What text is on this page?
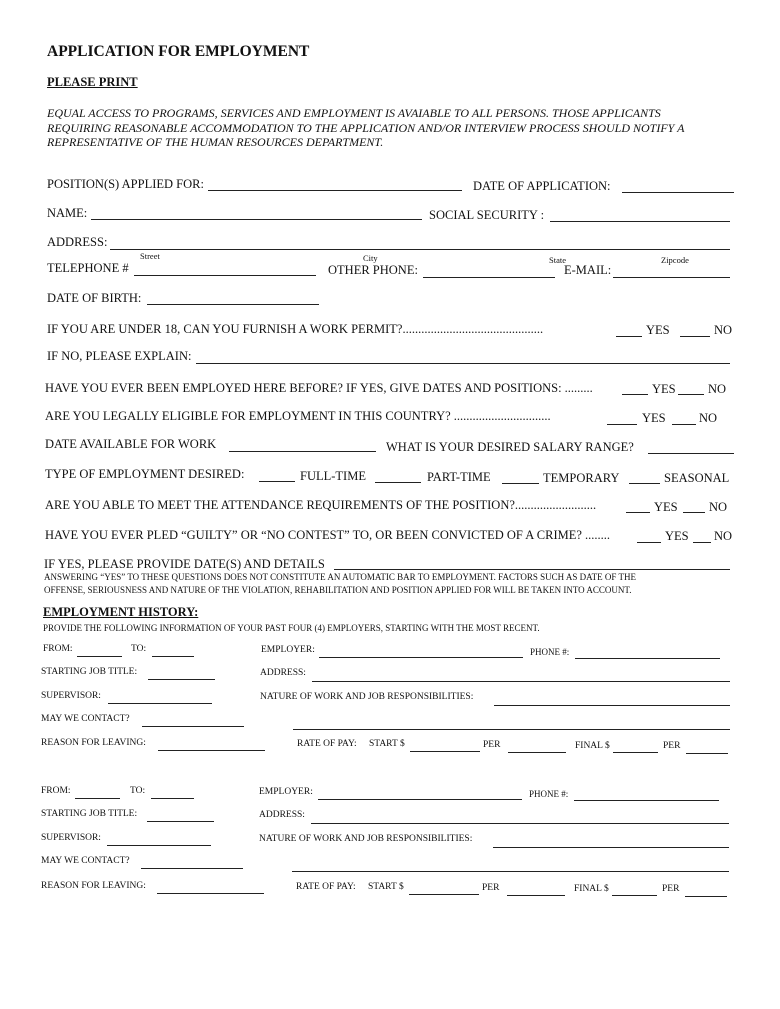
APPLICATION FOR EMPLOYMENT
PLEASE PRINT
EQUAL ACCESS TO PROGRAMS, SERVICES AND EMPLOYMENT IS AVAIABLE TO ALL PERSONS. THOSE APPLICANTS
REQUIRING REASONABLE ACCOMMODATION TO THE APPLICATION AND/OR INTERVIEW PROCESS SHOULD NOTIFY A
REPRESENTATIVE OF THE HUMAN RESOURCES DEPARTMENT.
POSITION(S) APPLIED FOR:	DATE OF APPLICATION:
NAME:	SOCIAL SECURITY :
ADDRESS:
Street	City	State	Zipcode
TELEPHONE #	OTHER PHONE:	E-MAIL:
DATE OF BIRTH:
IF YOU ARE UNDER 18, CAN YOU FURNISH A WORK PERMIT?.............................................	YES	NO
IF NO, PLEASE EXPLAIN:
HAVE YOU EVER BEEN EMPLOYED HERE BEFORE? IF YES, GIVE DATES AND POSITIONS: .........	YES	NO
ARE YOU LEGALLY ELIGIBLE FOR EMPLOYMENT IN THIS COUNTRY? ...............................	YES	NO
DATE AVAILABLE FOR WORK	WHAT IS YOUR DESIRED SALARY RANGE?
TYPE OF EMPLOYMENT DESIRED:	FULL-TIME	PART-TIME	TEMPORARY	SEASONAL
ARE YOU ABLE TO MEET THE ATTENDANCE REQUIREMENTS OF THE POSITION?..........................	YES	NO
HAVE YOU EVER PLED “GUILTY” OR “NO CONTEST” TO, OR BEEN CONVICTED OF A CRIME? ........	YES NO
IF YES, PLEASE PROVIDE DATE(S) AND DETAILS
ANSWERING “YES” TO THESE QUESTIONS DOES NOT CONSTITUTE AN AUTOMATIC BAR TO EMPLOYMENT. FACTORS SUCH AS DATE OF THE
OFFENSE, SERIOUSNESS AND NATURE OF THE VIOLATION, REHABILITATION AND POSITION APPLIED FOR WILL BE TAKEN INTO ACCOUNT.
EMPLOYMENT HISTORY:
PROVIDE THE FOLLOWING INFORMATION OF YOUR PAST FOUR (4) EMPLOYERS, STARTING WITH THE MOST RECENT.
FROM:	TO:	EMPLOYER:	PHONE #:
STARTING JOB TITLE:	ADDRESS:
SUPERVISOR:	NATURE OF WORK AND JOB RESPONSIBILITIES:
MAY WE CONTACT?
REASON FOR LEAVING:	RATE OF PAY: START $	PER	FINAL $	PER
FROM:	TO:	EMPLOYER:	PHONE #:
STARTING JOB TITLE:	ADDRESS:
SUPERVISOR:	NATURE OF WORK AND JOB RESPONSIBILITIES:
MAY WE CONTACT?
REASON FOR LEAVING:	RATE OF PAY: START $	PER	FINAL $	PER
